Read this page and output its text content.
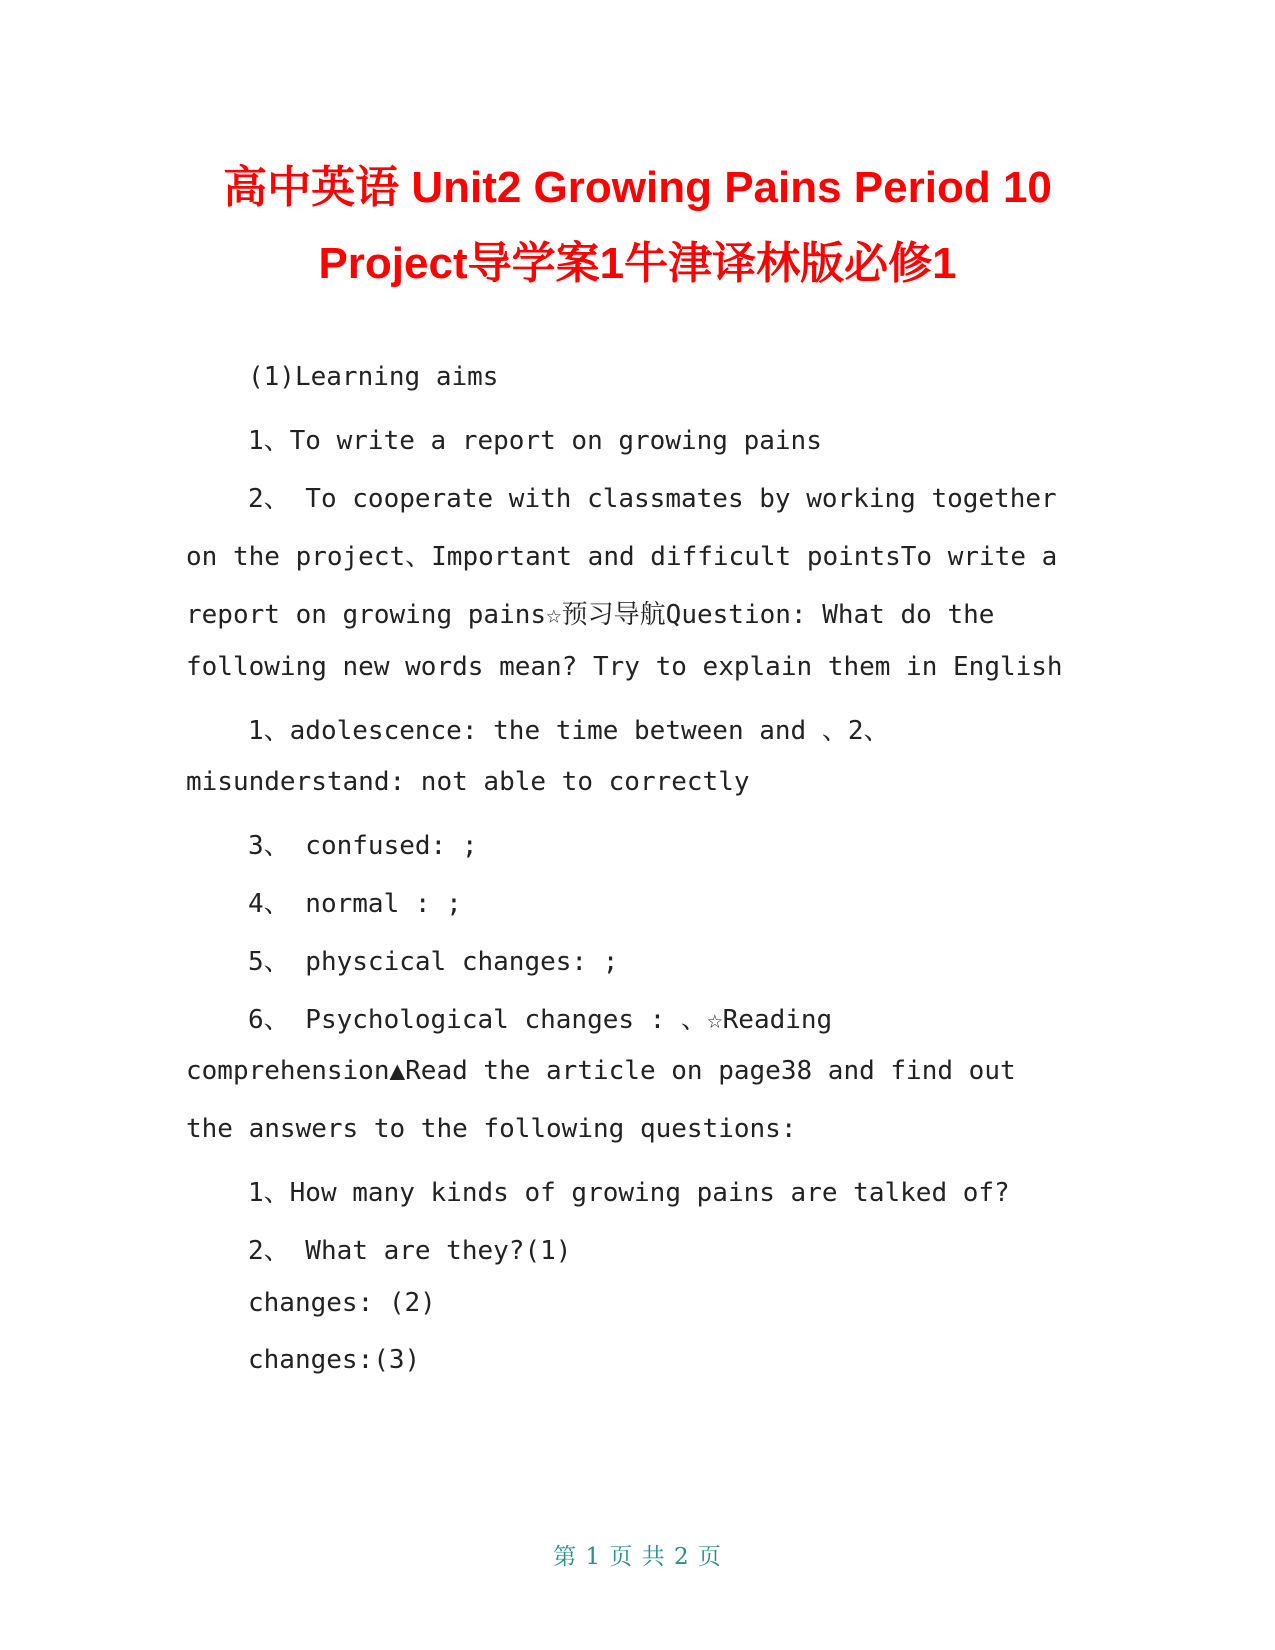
高中英语 Unit2 Growing Pains Period 10
Project导学案1牛津译林版必修1
(1)Learning aims
1、To write a report on growing pains
2、 To cooperate with classmates by working together
on the project、Important and difficult pointsTo write a
report on growing pains☆预习导航Question: What do the
following new words mean? Try to explain them in English
1、adolescence: the time between and 、2、
misunderstand: not able to correctly
3、 confused: ;
4、 normal : ;
5、 physcical changes: ;
6、 Psychological changes : 、☆Reading
comprehension▲Read the article on page38 and find out
the answers to the following questions:
1、How many kinds of growing pains are talked of?
2、 What are they?(1)
changes: (2)
changes:(3)
第 1 页 共 2 页
